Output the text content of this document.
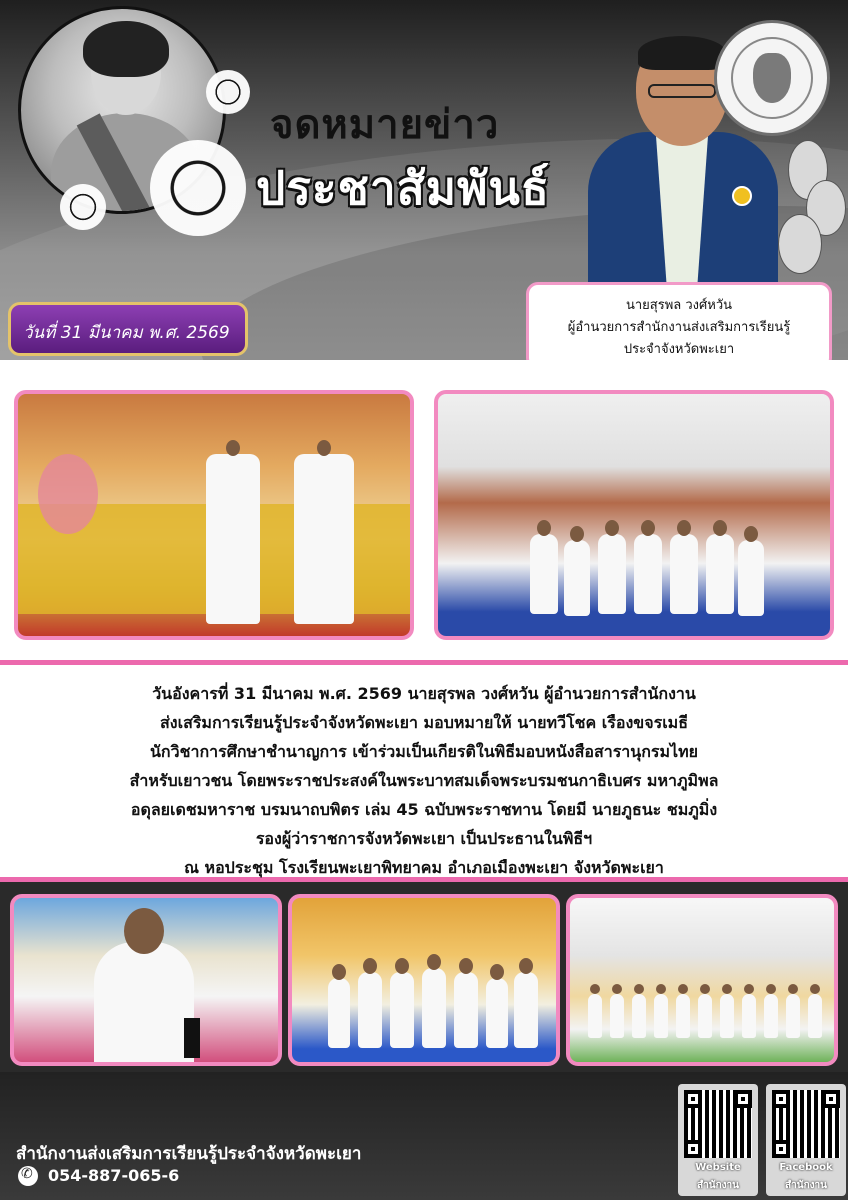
จดหมายข่าว
ประชาสัมพันธ์
วันที่ 31 มีนาคม พ.ศ. 2569
นายสุรพล วงศ์หวัน
ผู้อำนวยการสำนักงานส่งเสริมการเรียนรู้
ประจำจังหวัดพะเยา

วันอังคารที่ 31 มีนาคม พ.ศ. 2569 นายสุรพล วงศ์หวัน ผู้อำนวยการสำนักงาน
ส่งเสริมการเรียนรู้ประจำจังหวัดพะเยา มอบหมายให้ นายทวีโชค เรืองขจรเมธี
นักวิชาการศึกษาชำนาญการ เข้าร่วมเป็นเกียรติในพิธีมอบหนังสือสารานุกรมไทย
สำหรับเยาวชน โดยพระราชประสงค์ในพระบาทสมเด็จพระบรมชนกาธิเบศร มหาภูมิพล
อดุลยเดชมหาราช บรมนาถบพิตร เล่ม 45 ฉบับพระราชทาน โดยมี นายภูธนะ ชมภูมิ่ง
รองผู้ว่าราชการจังหวัดพะเยา เป็นประธานในพิธีฯ
ณ หอประชุม โรงเรียนพะเยาพิทยาคม อำเภอเมืองพะเยา จังหวัดพะเยา

สำนักงานส่งเสริมการเรียนรู้ประจำจังหวัดพะเยา
✆
054-887-065-6	Website
สำนักงาน
Facebook
สำนักงาน
